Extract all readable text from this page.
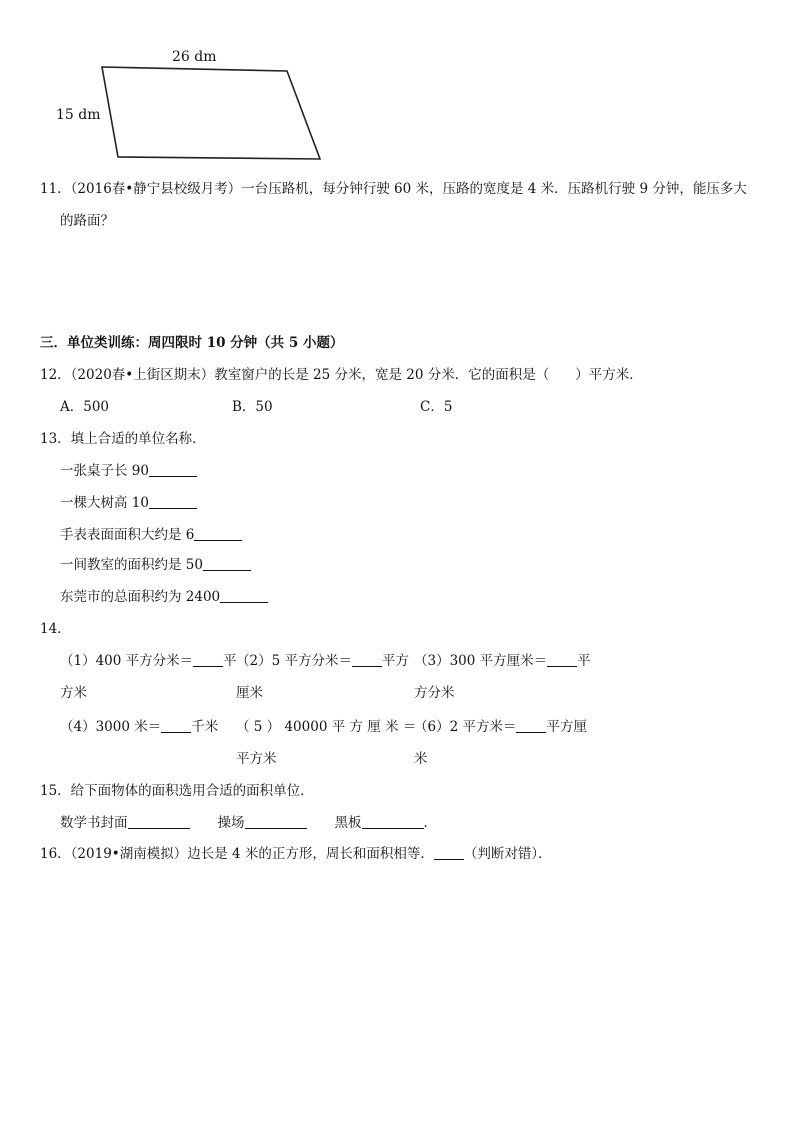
26 dm
15 dm
11．（2016春•静宁县校级月考）一台压路机，每分钟行驶 60 米，压路的宽度是 4 米．压路机行驶 9 分钟，能压多大
的路面？
三．单位类训练：周四限时 10 分钟（共 5 小题）
12．（2020春•上街区期末）教室窗户的长是 25 分米，宽是 20 分米．它的面积是（ ）平方米．
A．500	B．50	C．5
13．填上合适的单位名称．
一张桌子长 90
一棵大树高 10
手表表面面积大约是 6
一间教室的面积约是 50
东莞市的总面积约为 2400
14．
（1）400 平方分米＝ 平
方米
（2）5 平方分米＝ 平方
厘米
（3）300 平方厘米＝ 平
方分米
（4）3000 米＝ 千米 （ 5 ） 40000 平 方 厘 米 ＝
平方米
（6）2 平方米＝ 平方厘
米
15．给下面物体的面积选用合适的面积单位．
数学书封面	操场	黑板	．
16．（2019•湖南模拟）边长是 4 米的正方形，周长和面积相等． （判断对错）．
